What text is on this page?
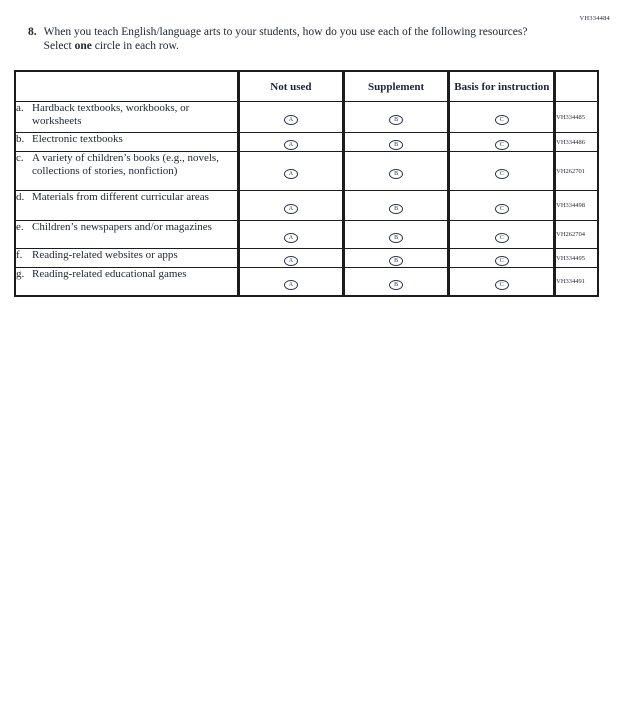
VH334484
8. When you teach English/language arts to your students, how do you use each of the following resources? Select one circle in each row.

	Not used	Supplement	Basis for instruction	

a. Hardback textbooks, workbooks, or worksheets	A	B	C	VH334485

b. Electronic textbooks	A	B	C	VH334486

c. A variety of children’s books (e.g., novels, collections of stories, nonfiction)	A	B	C	VH262701

d. Materials from different curricular areas	A	B	C	VH334498

e. Children’s newspapers and/or magazines	A	B	C	VH262704

f. Reading-related websites or apps	A	B	C	VH334495

g. Reading-related educational games	A	B	C	VH334491
